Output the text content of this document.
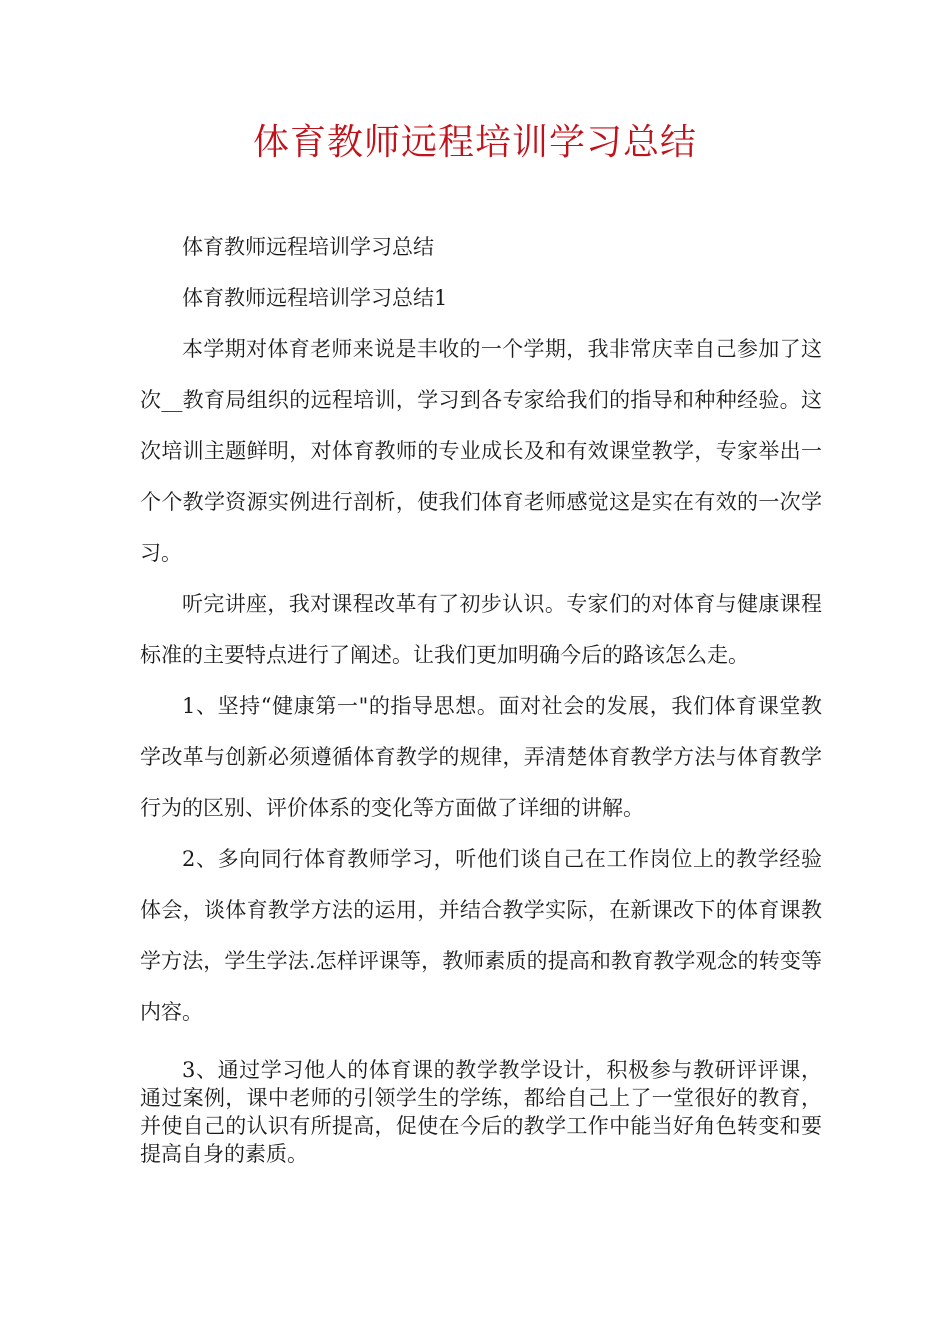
体育教师远程培训学习总结

体育教师远程培训学习总结

体育教师远程培训学习总结1

本学期对体育老师来说是丰收的一个学期，我非常庆幸自己参加了这次__教育局组织的远程培训，学习到各专家给我们的指导和种种经验。这次培训主题鲜明，对体育教师的专业成长及和有效课堂教学，专家举出一个个教学资源实例进行剖析，使我们体育老师感觉这是实在有效的一次学习。

听完讲座，我对课程改革有了初步认识。专家们的对体育与健康课程标准的主要特点进行了阐述。让我们更加明确今后的路该怎么走。

1、坚持“健康第一"的指导思想。面对社会的发展，我们体育课堂教学改革与创新必须遵循体育教学的规律，弄清楚体育教学方法与体育教学行为的区别、评价体系的变化等方面做了详细的讲解。

2、多向同行体育教师学习，听他们谈自己在工作岗位上的教学经验体会，谈体育教学方法的运用，并结合教学实际，在新课改下的体育课教学方法，学生学法.怎样评课等，教师素质的提高和教育教学观念的转变等内容。

3、通过学习他人的体育课的教学教学设计，积极参与教研评评课，通过案例，课中老师的引领学生的学练，都给自己上了一堂很好的教育，并使自己的认识有所提高，促使在今后的教学工作中能当好角色转变和要提高自身的素质。
